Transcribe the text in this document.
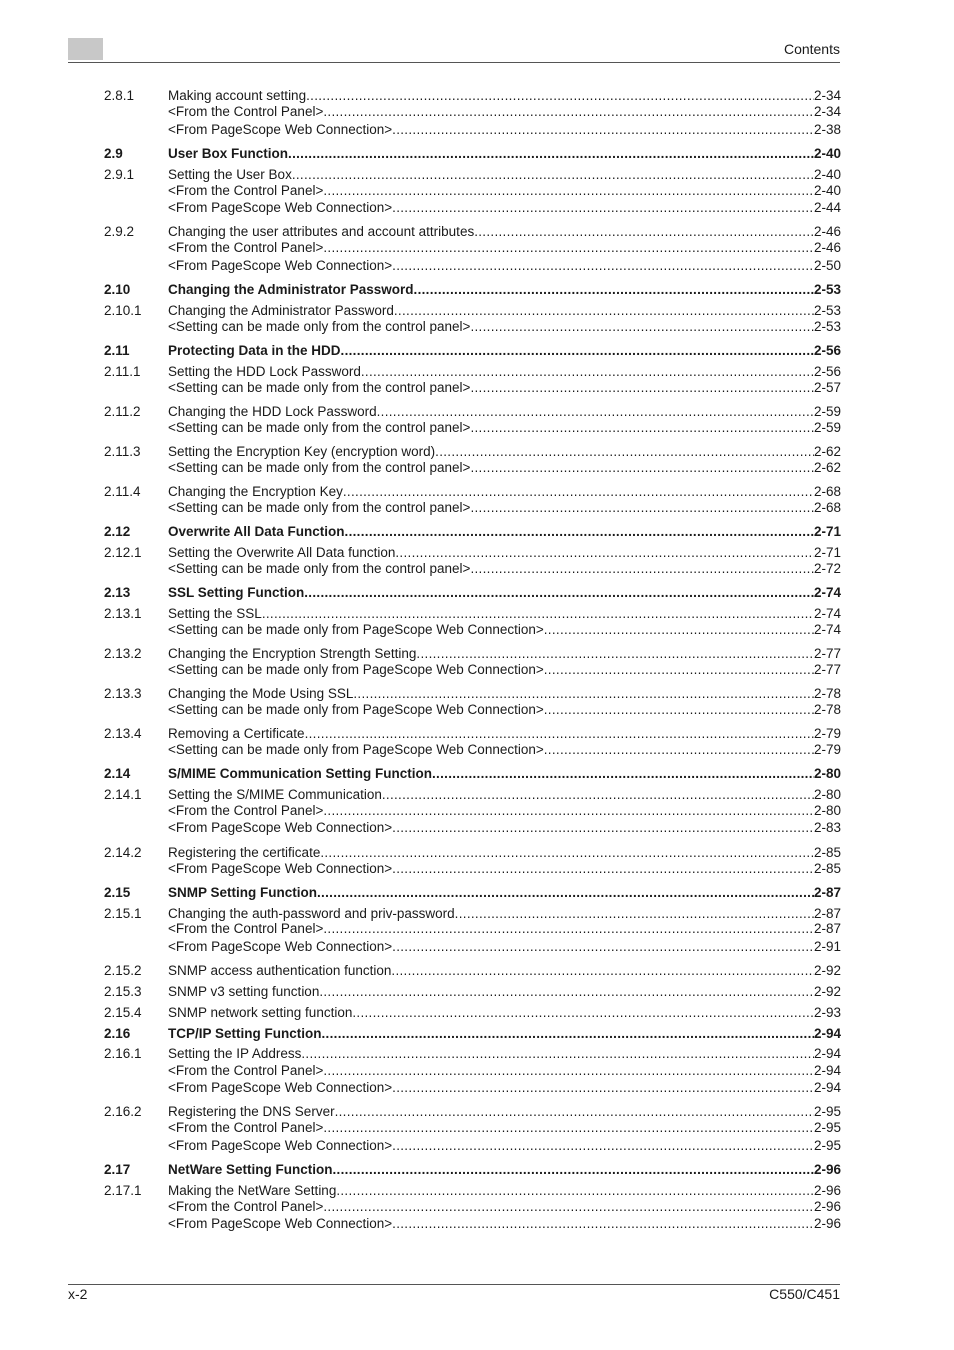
Contents
2.8.1	Making account setting .....	2-34
<From the Control Panel> .....	2-34
<From PageScope Web Connection> .....	2-38
2.9	User Box Function .....	2-40
2.9.1	Setting the User Box .....	2-40
<From the Control Panel> .....	2-40
<From PageScope Web Connection> .....	2-44
2.9.2	Changing the user attributes and account attributes .....	2-46
<From the Control Panel> .....	2-46
<From PageScope Web Connection> .....	2-50
2.10	Changing the Administrator Password .....	2-53
2.10.1 Changing the Administrator Password .....	2-53
<Setting can be made only from the control panel> .....	2-53
2.11	Protecting Data in the HDD .....	2-56
2.11.1 Setting the HDD Lock Password .....	2-56
<Setting can be made only from the control panel> .....	2-57
2.11.2 Changing the HDD Lock Password .....	2-59
<Setting can be made only from the control panel> .....	2-59
2.11.3 Setting the Encryption Key (encryption word) .....	2-62
<Setting can be made only from the control panel> .....	2-62
2.11.4 Changing the Encryption Key .....	2-68
<Setting can be made only from the control panel> .....	2-68
2.12	Overwrite All Data Function .....	2-71
2.12.1 Setting the Overwrite All Data function .....	2-71
<Setting can be made only from the control panel> .....	2-72
2.13	SSL Setting Function .....	2-74
2.13.1 Setting the SSL .....	2-74
<Setting can be made only from PageScope Web Connection> .....	2-74
2.13.2 Changing the Encryption Strength Setting .....	2-77
<Setting can be made only from PageScope Web Connection> .....	2-77
2.13.3 Changing the Mode Using SSL .....	2-78
<Setting can be made only from PageScope Web Connection> .....	2-78
2.13.4 Removing a Certificate .....	2-79
<Setting can be made only from PageScope Web Connection> .....	2-79
2.14	S/MIME Communication Setting Function .....	2-80
2.14.1 Setting the S/MIME Communication .....	2-80
<From the Control Panel> .....	2-80
<From PageScope Web Connection> .....	2-83
2.14.2 Registering the certificate .....	2-85
<From PageScope Web Connection> .....	2-85
2.15	SNMP Setting Function .....	2-87
2.15.1 Changing the auth-password and priv-password .....	2-87
<From the Control Panel> .....	2-87
<From PageScope Web Connection> .....	2-91
2.15.2 SNMP access authentication function .....	2-92
2.15.3 SNMP v3 setting function .....	2-92
2.15.4 SNMP network setting function .....	2-93
2.16	TCP/IP Setting Function .....	2-94
2.16.1 Setting the IP Address .....	2-94
<From the Control Panel> .....	2-94
<From PageScope Web Connection> .....	2-94
2.16.2 Registering the DNS Server .....	2-95
<From the Control Panel> .....	2-95
<From PageScope Web Connection> .....	2-95
2.17	NetWare Setting Function .....	2-96
2.17.1 Making the NetWare Setting .....	2-96
<From the Control Panel> .....	2-96
<From PageScope Web Connection> .....	2-96
x-2	C550/C451
